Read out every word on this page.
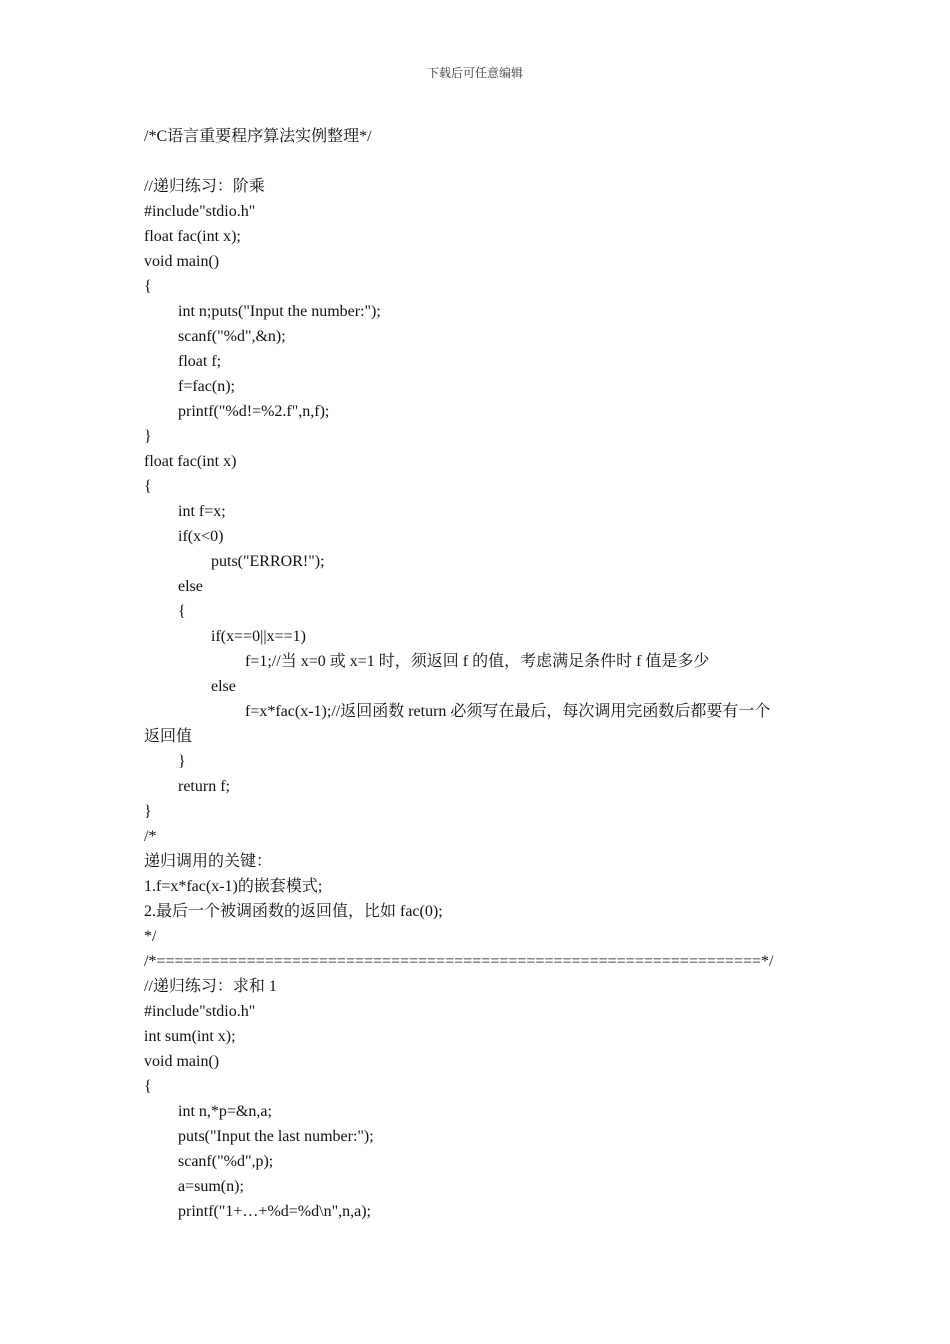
下载后可任意编辑
/*C语言重要程序算法实例整理*/
//递归练习：阶乘
#include"stdio.h"
float fac(int x);
void main()
{
int n;puts("Input the number:");
scanf("%d",&n);
float f;
f=fac(n);
printf("%d!=%2.f",n,f);
}
float fac(int x)
{
int f=x;
if(x<0)
puts("ERROR!");
else
{
if(x==0||x==1)
f=1;//当 x=0 或 x=1 时，须返回 f 的值，考虑满足条件时 f 值是多少
else
f=x*fac(x-1);//返回函数 return 必须写在最后，每次调用完函数后都要有一个
返回值
}
return f;
}
/*
递归调用的关键：
1.f=x*fac(x-1)的嵌套模式;
2.最后一个被调函数的返回值，比如 fac(0);
*/
/*===================================================================*/
//递归练习：求和 1
#include"stdio.h"
int sum(int x);
void main()
{
int n,*p=&n,a;
puts("Input the last number:");
scanf("%d",p);
a=sum(n);
printf("1+…+%d=%d\n",n,a);
